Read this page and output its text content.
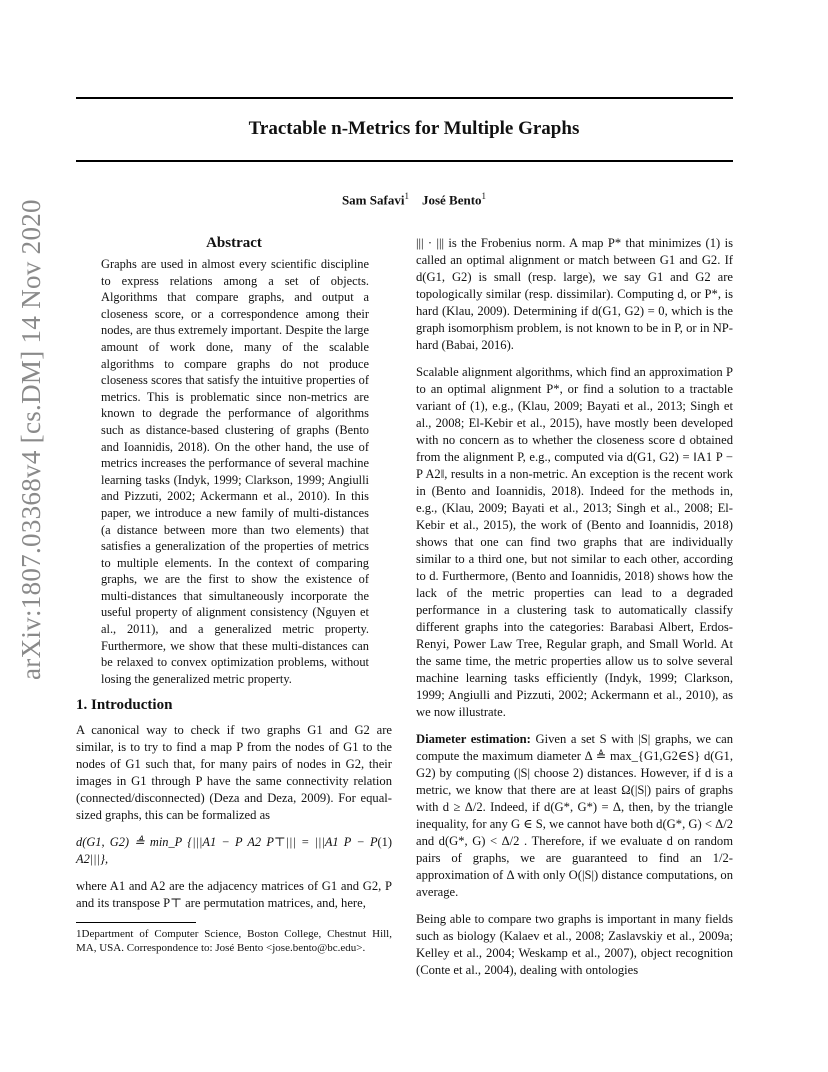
Tractable n-Metrics for Multiple Graphs
Sam Safavi$^1$ José Bento$^1$
arXiv:1807.03368v4 [cs.DM] 14 Nov 2020	Abstract

Graphs are used in almost every scientific discipline to express relations among a set of objects. Algorithms that compare graphs, and output a closeness score, or a correspondence among their nodes, are thus extremely important. Despite the large amount of work done, many of the scalable algorithms to compare graphs do not produce closeness scores that satisfy the intuitive properties of metrics. This is problematic since non-metrics are known to degrade the performance of algorithms such as distance-based clustering of graphs (Bento and Ioannidis, 2018). On the other hand, the use of metrics increases the performance of several machine learning tasks (Indyk, 1999; Clarkson, 1999; Angiulli and Pizzuti, 2002; Ackermann et al., 2010). In this paper, we introduce a new family of multi-distances (a distance between more than two elements) that satisfies a generalization of the properties of metrics to multiple elements. In the context of comparing graphs, we are the first to show the existence of multi-distances that simultaneously incorporate the useful property of alignment consistency (Nguyen et al., 2011), and a generalized metric property. Furthermore, we show that these multi-distances can be relaxed to convex optimization problems, without losing the generalized metric property.

1. Introduction

A canonical way to check if two graphs G1 and G2 are similar, is to try to find a map P from the nodes of G1 to the nodes of G1 such that, for many pairs of nodes in G2, their images in G1 through P have the same connectivity relation (connected/disconnected) (Deza and Deza, 2009). For equal-sized graphs, this can be formalized as

d(G1, G2) ≜ min_P {|||A1 − P A2 P⊤||| = |||A1 P − P A2|||},
(1)

where A1 and A2 are the adjacency matrices of G1 and G2, P and its transpose P⊤ are permutation matrices, and, here,

1Department of Computer Science, Boston College, Chestnut Hill, MA, USA. Correspondence to: José Bento <jose.bento@bc.edu>.

||| · ||| is the Frobenius norm. A map P* that minimizes (1) is called an optimal alignment or match between G1 and G2. If d(G1, G2) is small (resp. large), we say G1 and G2 are topologically similar (resp. dissimilar). Computing d, or P*, is hard (Klau, 2009). Determining if d(G1, G2) = 0, which is the graph isomorphism problem, is not known to be in P, or in NP-hard (Babai, 2016).

Scalable alignment algorithms, which find an approximation P to an optimal alignment P*, or find a solution to a tractable variant of (1), e.g., (Klau, 2009; Bayati et al., 2013; Singh et al., 2008; El-Kebir et al., 2015), have mostly been developed with no concern as to whether the closeness score d obtained from the alignment P, e.g., computed via d(G1, G2) = ‖A1 P − P A2‖, results in a non-metric. An exception is the recent work in (Bento and Ioannidis, 2018). Indeed for the methods in, e.g., (Klau, 2009; Bayati et al., 2013; Singh et al., 2008; El-Kebir et al., 2015), the work of (Bento and Ioannidis, 2018) shows that one can find two graphs that are individually similar to a third one, but not similar to each other, according to d. Furthermore, (Bento and Ioannidis, 2018) shows how the lack of the metric properties can lead to a degraded performance in a clustering task to automatically classify different graphs into the categories: Barabasi Albert, Erdos-Renyi, Power Law Tree, Regular graph, and Small World. At the same time, the metric properties allow us to solve several machine learning tasks efficiently (Indyk, 1999; Clarkson, 1999; Angiulli and Pizzuti, 2002; Ackermann et al., 2010), as we now illustrate.

Diameter estimation: Given a set S with |S| graphs, we can compute the maximum diameter Δ ≜ max_{G1,G2∈S} d(G1, G2) by computing (|S| choose 2) distances. However, if d is a metric, we know that there are at least Ω(|S|) pairs of graphs with d ≥ Δ/2. Indeed, if d(G*, G*) = Δ, then, by the triangle inequality, for any G ∈ S, we cannot have both d(G*, G) < Δ/2 and d(G*, G) < Δ/2 . Therefore, if we evaluate d on random pairs of graphs, we are guaranteed to find an 1/2-approximation of Δ with only O(|S|) distance computations, on average.

Being able to compare two graphs is important in many fields such as biology (Kalaev et al., 2008; Zaslavskiy et al., 2009a; Kelley et al., 2004; Weskamp et al., 2007), object recognition (Conte et al., 2004), dealing with ontologies
